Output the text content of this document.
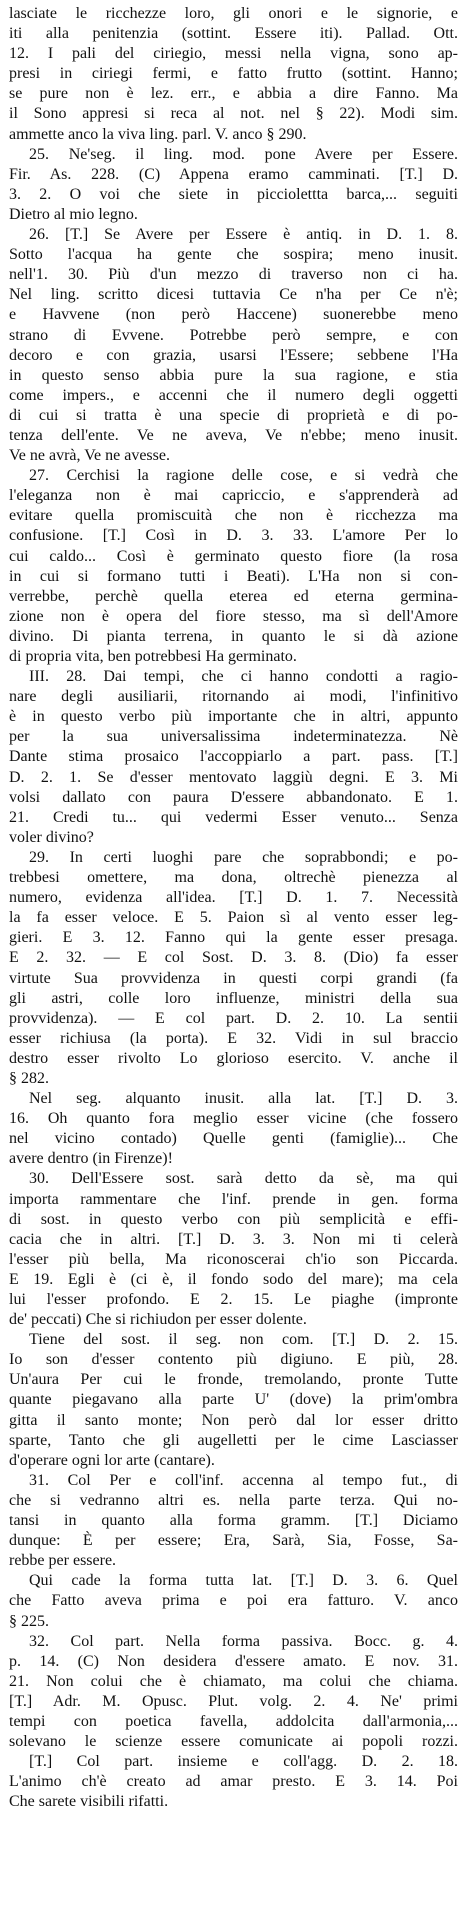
lasciate le ricchezze loro, gli onori e le signorie, e

iti alla penitenzia (sottint. Essere iti). Pallad. Ott.

12. I pali del ciriegio, messi nella vigna, sono ap-

presi in ciriegi fermi, e fatto frutto (sottint. Hanno;

se pure non è lez. err., e abbia a dire Fanno. Ma

il Sono appresi si reca al not. nel § 22). Modi sim.

ammette anco la viva ling. parl. V. anco § 290.

25. Ne'seg. il ling. mod. pone Avere per Essere.

Fir. As. 228. (C) Appena eramo camminati. [T.] D.

3. 2. O voi che siete in picciolettta barca,... seguiti

Dietro al mio legno.

26. [T.] Se Avere per Essere è antiq. in D. 1. 8.

Sotto l'acqua ha gente che sospira; meno inusit.

nell'1. 30. Più d'un mezzo di traverso non ci ha.

Nel ling. scritto dicesi tuttavia Ce n'ha per Ce n'è;

e Havvene (non però Haccene) suonerebbe meno

strano di Evvene. Potrebbe però sempre, e con

decoro e con grazia, usarsi l'Essere; sebbene l'Ha

in questo senso abbia pure la sua ragione, e stia

come impers., e accenni che il numero degli oggetti

di cui si tratta è una specie di proprietà e di po-

tenza dell'ente. Ve ne aveva, Ve n'ebbe; meno inusit.

Ve ne avrà, Ve ne avesse.

27. Cerchisi la ragione delle cose, e si vedrà che

l'eleganza non è mai capriccio, e s'apprenderà ad

evitare quella promiscuità che non è ricchezza ma

confusione. [T.] Così in D. 3. 33. L'amore Per lo

cui caldo... Così è germinato questo fiore (la rosa

in cui si formano tutti i Beati). L'Ha non si con-

verrebbe, perchè quella eterea ed eterna germina-

zione non è opera del fiore stesso, ma sì dell'Amore

divino. Di pianta terrena, in quanto le si dà azione

di propria vita, ben potrebbesi Ha germinato.

III. 28. Dai tempi, che ci hanno condotti a ragio-

nare degli ausiliarii, ritornando ai modi, l'infinitivo

è in questo verbo più importante che in altri, appunto

per la sua universalissima indeterminatezza. Nè

Dante stima prosaico l'accoppiarlo a part. pass. [T.]

D. 2. 1. Se d'esser mentovato laggiù degni. E 3. Mi

volsi dallato con paura D'essere abbandonato. E 1.

21. Credi tu... qui vedermi Esser venuto... Senza

voler divino?

29. In certi luoghi pare che soprabbondi; e po-

trebbesi omettere, ma dona, oltrechè pienezza al

numero, evidenza all'idea. [T.] D. 1. 7. Necessità

la fa esser veloce. E 5. Paion sì al vento esser leg-

gieri. E 3. 12. Fanno qui la gente esser presaga.

E 2. 32. — E col Sost. D. 3. 8. (Dio) fa esser

virtute Sua provvidenza in questi corpi grandi (fa

gli astri, colle loro influenze, ministri della sua

provvidenza). — E col part. D. 2. 10. La sentii

esser richiusa (la porta). E 32. Vidi in sul braccio

destro esser rivolto Lo glorioso esercito. V. anche il

§ 282.

Nel seg. alquanto inusit. alla lat. [T.] D. 3.

16. Oh quanto fora meglio esser vicine (che fossero

nel vicino contado) Quelle genti (famiglie)... Che

avere dentro (in Firenze)!

30. Dell'Essere sost. sarà detto da sè, ma qui

importa rammentare che l'inf. prende in gen. forma

di sost. in questo verbo con più semplicità e effi-

cacia che in altri. [T.] D. 3. 3. Non mi ti celerà

l'esser più bella, Ma riconoscerai ch'io son Piccarda.

E 19. Egli è (ci è, il fondo sodo del mare); ma cela

lui l'esser profondo. E 2. 15. Le piaghe (impronte

de' peccati) Che si richiudon per esser dolente.

Tiene del sost. il seg. non com. [T.] D. 2. 15.

Io son d'esser contento più digiuno. E più, 28.

Un'aura Per cui le fronde, tremolando, pronte Tutte

quante piegavano alla parte U' (dove) la prim'ombra

gitta il santo monte; Non però dal lor esser dritto

sparte, Tanto che gli augelletti per le cime Lasciasser

d'operare ogni lor arte (cantare).

31. Col Per e coll'inf. accenna al tempo fut., di

che si vedranno altri es. nella parte terza. Qui no-

tansi in quanto alla forma gramm. [T.] Diciamo

dunque: È per essere; Era, Sarà, Sia, Fosse, Sa-

rebbe per essere.

Qui cade la forma tutta lat. [T.] D. 3. 6. Quel

che Fatto aveva prima e poi era fatturo. V. anco

§ 225.

32. Col part. Nella forma passiva. Bocc. g. 4.

p. 14. (C) Non desidera d'essere amato. E nov. 31.

21. Non colui che è chiamato, ma colui che chiama.

[T.] Adr. M. Opusc. Plut. volg. 2. 4. Ne' primi

tempi con poetica favella, addolcita dall'armonia,...

solevano le scienze essere comunicate ai popoli rozzi.

[T.] Col part. insieme e coll'agg. D. 2. 18.

L'animo ch'è creato ad amar presto. E 3. 14. Poi

Che sarete visibili rifatti.
